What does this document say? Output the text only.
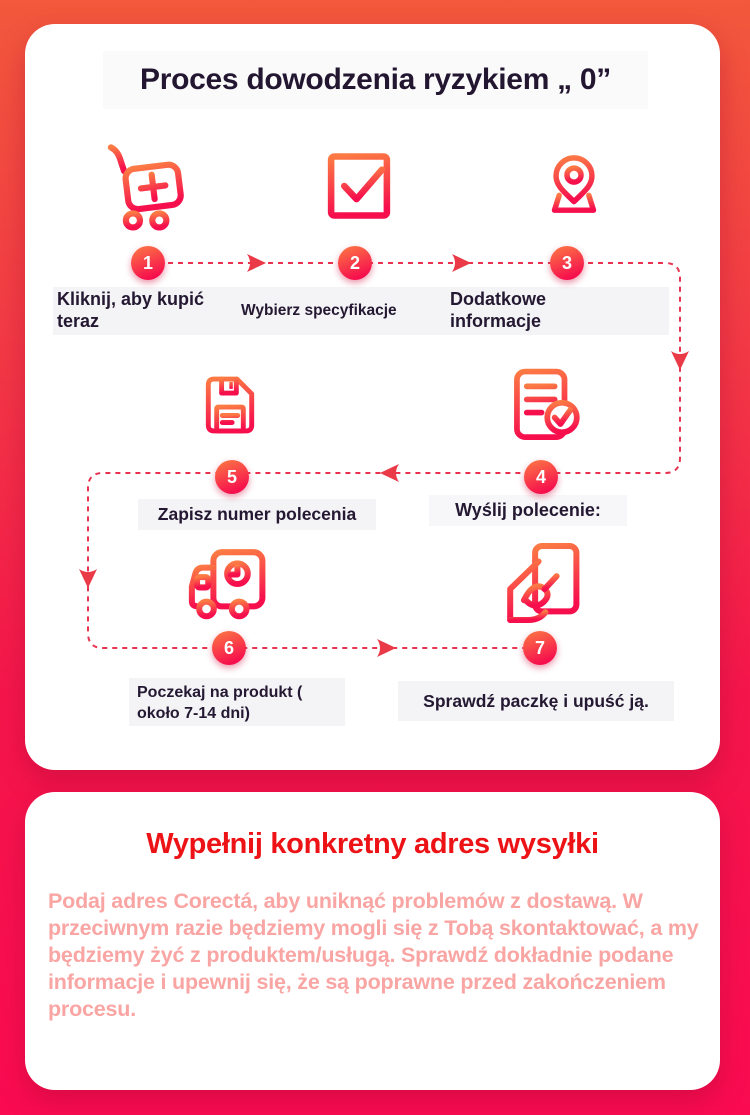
Proces dowodzenia ryzykiem „ 0”
1	2	3
Kliknij, aby kupić teraz
Wybierz specyfikacje
Dodatkowe informacje
5	4
Zapisz numer polecenia	Wyślij polecenie:
6	7
Poczekaj na produkt ( około 7-14 dni)
Sprawdź paczkę i upuść ją.
Wypełnij konkretny adres wysyłki
Podaj adres Corectá, aby uniknąć problemów z dostawą. W przeciwnym razie będziemy mogli się z Tobą skontaktować, a my będziemy żyć z produktem/usługą. Sprawdź dokładnie podane informacje i upewnij się, że są poprawne przed zakończeniem procesu.
